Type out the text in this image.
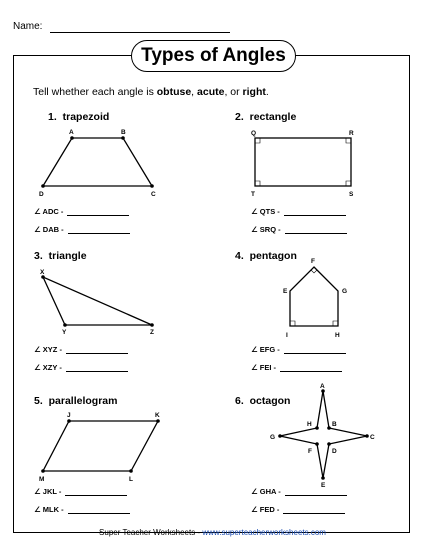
Name:
Types of Angles
Tell whether each angle is obtuse, acute, or right.
1. trapezoid
A	B
C
D
Q	R
S
T
X
Y	Z
F
G
H
I
E
J	K
L
M
A
B
C
D
E
F
G
H
2. rectangle
∠ ADC -
∠ DAB -
∠ QTS -
∠ SRQ -
3. triangle	4. pentagon
∠ XYZ -
∠ XZY -
∠ EFG -
∠ FEI -
5. parallelogram	6. octagon
∠ JKL -
∠ MLK -
∠ GHA -
∠ FED -
Super Teacher Worksheets - www.superteacherworksheets.com
